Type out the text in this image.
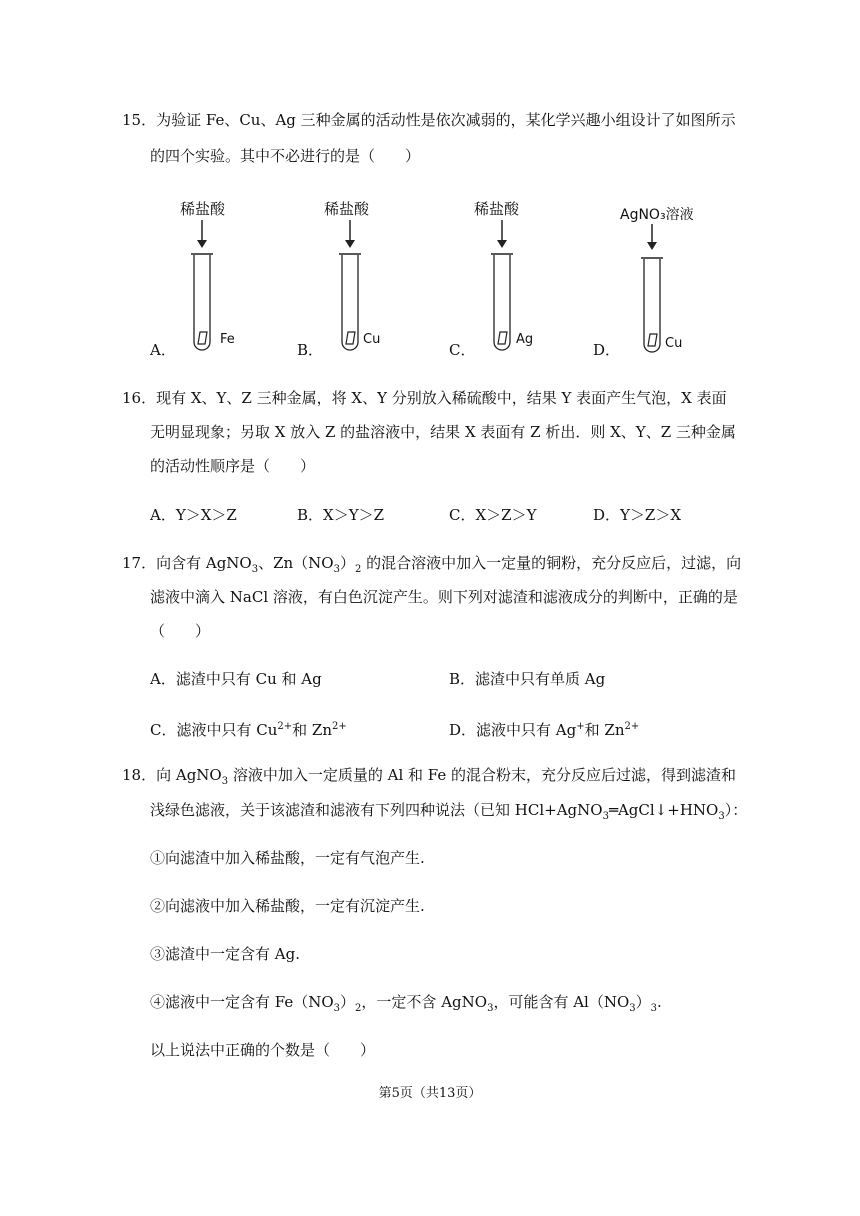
15．为验证 Fe、Cu、Ag 三种金属的活动性是依次减弱的，某化学兴趣小组设计了如图所示
的四个实验。其中不必进行的是（　　）
A．
稀盐酸
Fe
B．
稀盐酸
Cu
C．
稀盐酸
Ag
D．
AgNO₃溶液
Cu
16．现有 X、Y、Z 三种金属，将 X、Y 分别放入稀硫酸中，结果 Y 表面产生气泡，X 表面
无明显现象；另取 X 放入 Z 的盐溶液中，结果 X 表面有 Z 析出．则 X、Y、Z 三种金属
的活动性顺序是（　　）
A．Y＞X＞Z	B．X＞Y＞Z	C．X＞Z＞Y	D．Y＞Z＞X
17．向含有 AgNO$_3$、$Zn(NO_3)_2$ 的混合溶液中加入一定量的铜粉，充分反应后，过滤，向
滤液中滴入 NaCl 溶液，有白色沉淀产生。则下列对滤渣和滤液成分的判断中，正确的是
（　　）
A．滤渣中只有 Cu 和 Ag	B．滤渣中只有单质 Ag
C．滤液中只有 $Cu^{2+}$和 $Zn^{2+}$	D．滤液中只有 Ag+和 $Zn^{2+}$
18．向 AgNO$_3$ 溶液中加入一定质量的 Al 和 Fe 的混合粉末，充分反应后过滤，得到滤渣和
浅绿色滤液，关于该滤渣和滤液有下列四种说法（已知 $HCl+AgNO_3═AgCl↓+HNO_3$）：
①向滤渣中加入稀盐酸，一定有气泡产生.
②向滤液中加入稀盐酸，一定有沉淀产生.
③滤渣中一定含有 Ag.
④滤液中一定含有 $Fe(NO_3)_2$，一定不含 AgNO$_3$，可能含有 $Al(NO_3)_3$.
以上说法中正确的个数是（　　）
第5页（共13页）
